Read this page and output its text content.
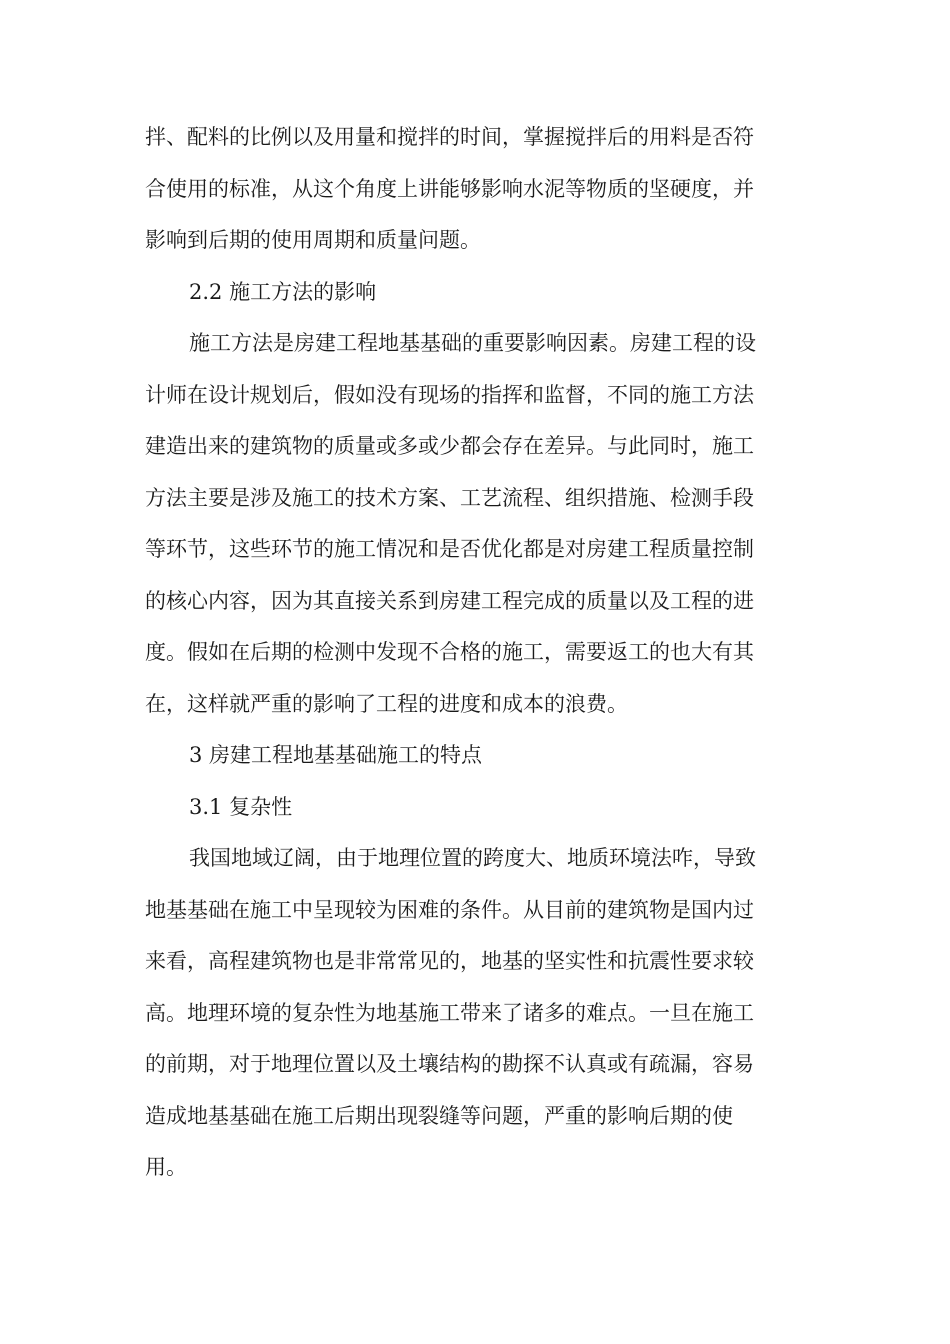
拌、配料的比例以及用量和搅拌的时间，掌握搅拌后的用料是否符
合使用的标准，从这个角度上讲能够影响水泥等物质的坚硬度，并
影响到后期的使用周期和质量问题。
2.2 施工方法的影响
施工方法是房建工程地基基础的重要影响因素。房建工程的设
计师在设计规划后，假如没有现场的指挥和监督，不同的施工方法
建造出来的建筑物的质量或多或少都会存在差异。与此同时，施工
方法主要是涉及施工的技术方案、工艺流程、组织措施、检测手段
等环节，这些环节的施工情况和是否优化都是对房建工程质量控制
的核心内容，因为其直接关系到房建工程完成的质量以及工程的进
度。假如在后期的检测中发现不合格的施工，需要返工的也大有其
在，这样就严重的影响了工程的进度和成本的浪费。
3 房建工程地基基础施工的特点
3.1 复杂性
我国地域辽阔，由于地理位置的跨度大、地质环境法咋，导致
地基基础在施工中呈现较为困难的条件。从目前的建筑物是国内过
来看，高程建筑物也是非常常见的，地基的坚实性和抗震性要求较
高。地理环境的复杂性为地基施工带来了诸多的难点。一旦在施工
的前期，对于地理位置以及土壤结构的勘探不认真或有疏漏，容易
造成地基基础在施工后期出现裂缝等问题，严重的影响后期的使
用。
